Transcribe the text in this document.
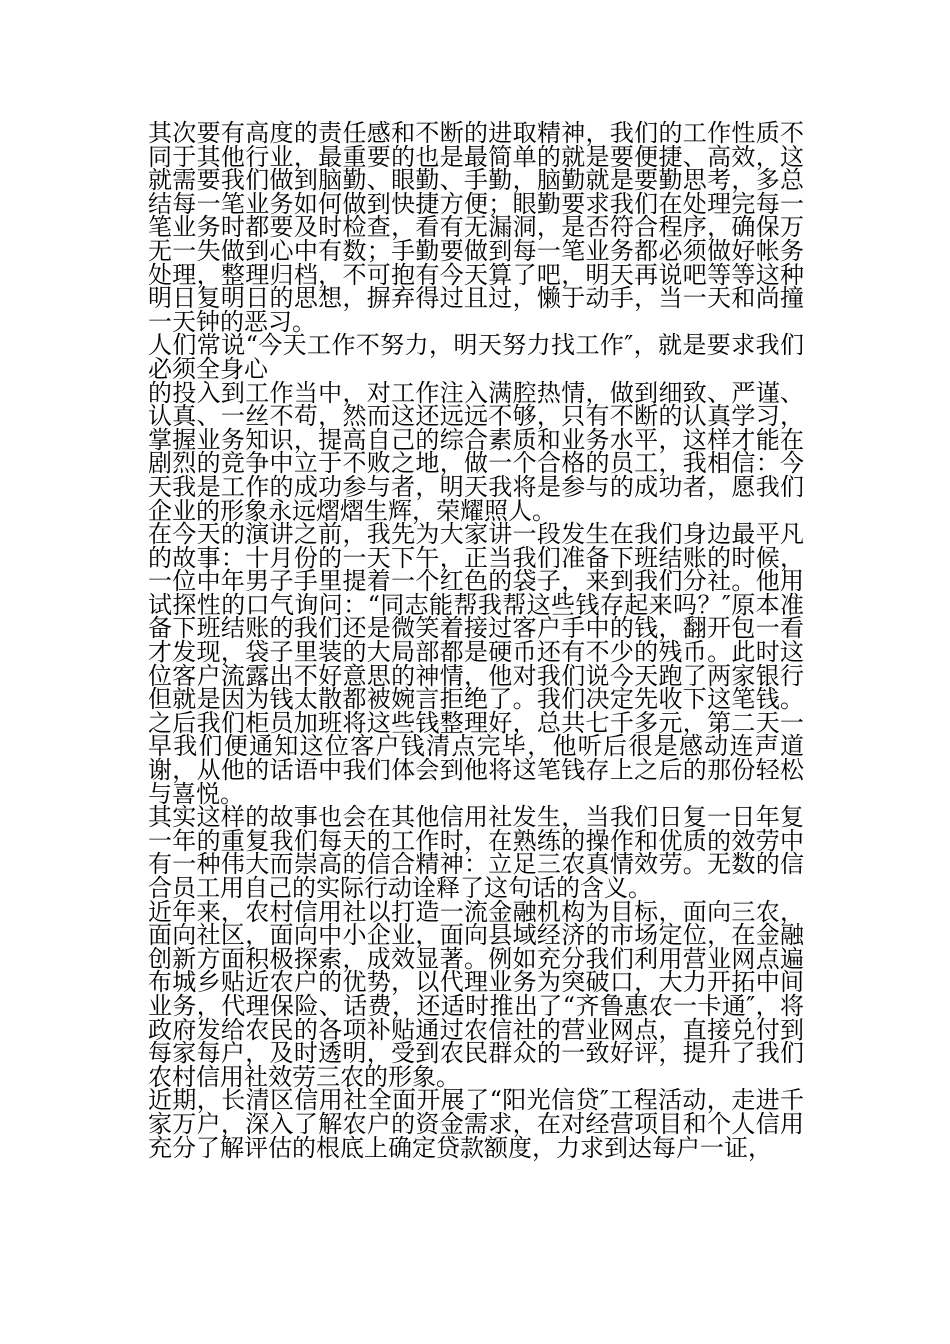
其次要有高度的责任感和不断的进取精神，我们的工作性质不同于其他行业，最重要的也是最简单的就是要便捷、高效，这就需要我们做到脑勤、眼勤、手勤，脑勤就是要勤思考，多总结每一笔业务如何做到快捷方便；眼勤要求我们在处理完每一笔业务时都要及时检查，看有无漏洞，是否符合程序，确保万无一失做到心中有数；手勤要做到每一笔业务都必须做好帐务处理，整理归档，不可抱有今天算了吧，明天再说吧等等这种明日复明日的思想，摒弃得过且过，懒于动手，当一天和尚撞一天钟的恶习。

人们常说“今天工作不努力，明天努力找工作″，就是要求我们必须全身心

的投入到工作当中，对工作注入满腔热情，做到细致、严谨、认真、一丝不苟，然而这还远远不够，只有不断的认真学习，掌握业务知识，提高自己的综合素质和业务水平，这样才能在剧烈的竞争中立于不败之地，做一个合格的员工，我相信：今天我是工作的成功参与者，明天我将是参与的成功者，愿我们企业的形象永远熠熠生辉，荣耀照人。

在今天的演讲之前，我先为大家讲一段发生在我们身边最平凡的故事：十月份的一天下午，正当我们准备下班结账的时候，一位中年男子手里提着一个红色的袋子，来到我们分社。他用试探性的口气询问：“同志能帮我帮这些钱存起来吗？″原本准备下班结账的我们还是微笑着接过客户手中的钱，翻开包一看才发现，袋子里装的大局部都是硬币还有不少的残币。此时这位客户流露出不好意思的神情，他对我们说今天跑了两家银行但就是因为钱太散都被婉言拒绝了。我们决定先收下这笔钱。之后我们柜员加班将这些钱整理好，总共七千多元，第二天一早我们便通知这位客户钱清点完毕，他听后很是感动连声道谢，从他的话语中我们体会到他将这笔钱存上之后的那份轻松与喜悦。

其实这样的故事也会在其他信用社发生，当我们日复一日年复一年的重复我们每天的工作时，在熟练的操作和优质的效劳中有一种伟大而崇高的信合精神：立足三农真情效劳。无数的信合员工用自己的实际行动诠释了这句话的含义。

近年来，农村信用社以打造一流金融机构为目标，面向三农，面向社区，面向中小企业，面向县域经济的市场定位，在金融创新方面积极探索，成效显著。例如充分我们利用营业网点遍布城乡贴近农户的优势，以代理业务为突破口，大力开拓中间业务，代理保险、话费，还适时推出了“齐鲁惠农一卡通″，将政府发给农民的各项补贴通过农信社的营业网点，直接兑付到每家每户，及时透明，受到农民群众的一致好评，提升了我们农村信用社效劳三农的形象。

近期，长清区信用社全面开展了“阳光信贷″工程活动，走进千家万户，深入了解农户的资金需求，在对经营项目和个人信用充分了解评估的根底上确定贷款额度，力求到达每户一证，
